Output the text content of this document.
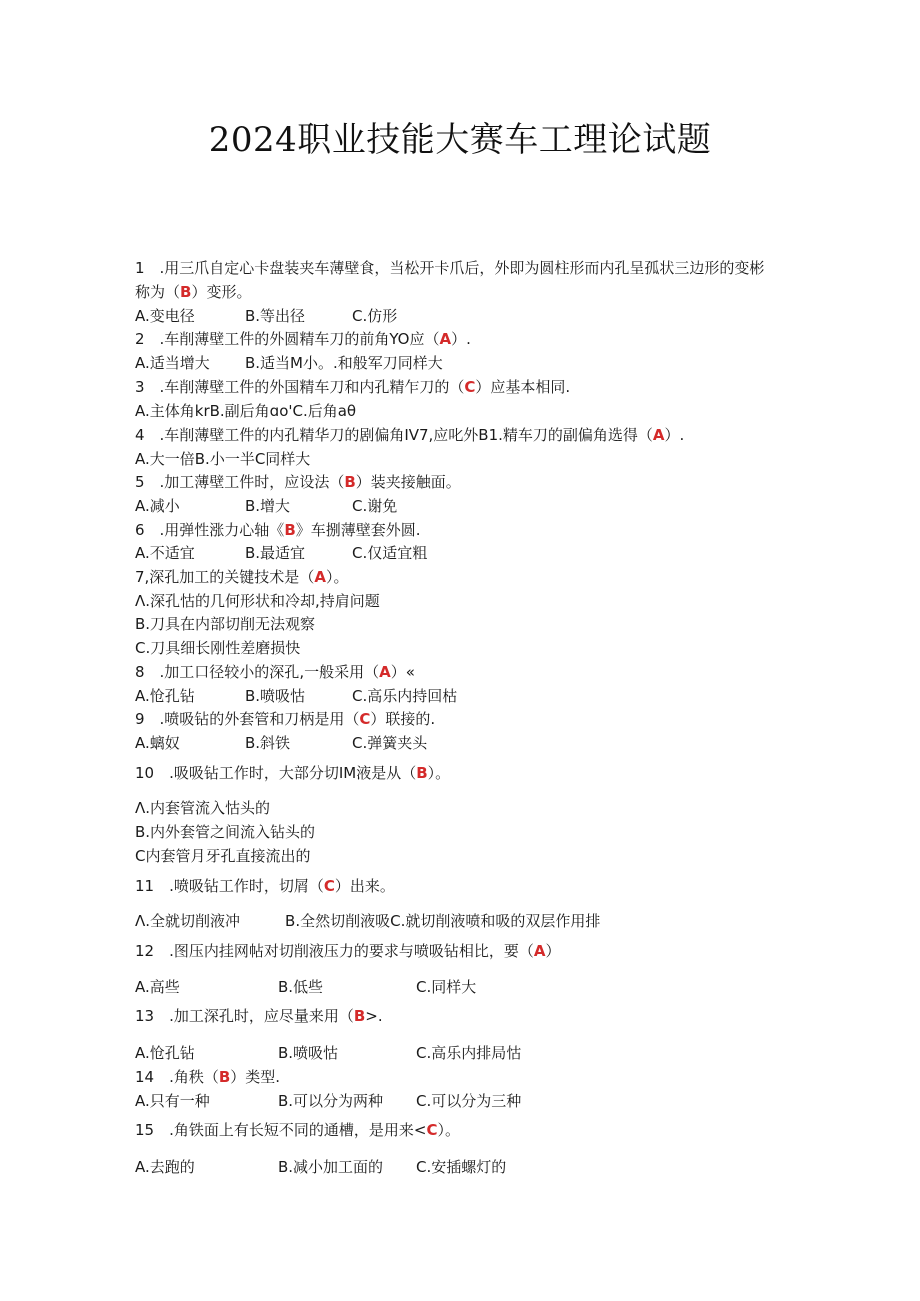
2024职业技能大赛车工理论试题
1　.用三爪自定心卡盘装夹车薄壁食，当松开卡爪后，外即为圆柱形而内孔呈孤状三边形的变彬
称为（B）变形。
A.变电径	B.等出径	C.仿形
2　.车削薄壁工件的外圆精车刀的前角YO应（A）.
A.适当增大 B.适当M小。.和般军刀同样大
3　.车削薄壁工件的外国精车刀和内孔精乍刀的（C）应基本相同.
A.主体角krB.副后角ɑo'C.后角aθ
4　.车削薄壁工件的内孔精华刀的剧偏角IV7,应叱外B1.精车刀的副偏角选得（A）.
A.大一倍B.小一半C同样大
5　.加工薄壁工件时，应设法（B）装夹接触面。
A.减小	B.增大	C.谢免
6　.用弹性涨力心轴《B》车捌薄壁套外圆.
A.不适宜	B.最适宜	C.仅适宜粗
7,深孔加工的关键技术是（A）。
Λ.深孔怙的几何形状和冷却,持肩问题
B.刀具在内部切削无法观察
C.刀具细长刚性差磨损快
8　.加工口径较小的深孔,一般采用（A）«
A.怆孔钻	B.喷吸怙	C.高乐内持回枯
9　.喷吸钻的外套管和刀柄是用（C）联接的.
A.螭奴	B.斜铁	C.弹簧夹头
10　.吸吸钻工作时，大部分切IM液是从（B）。
Λ.内套管流入怙头的
B.内外套管之间流入钻头的
C内套管月牙孔直接流出的
11　.喷吸钻工作时，切屑（C）出来。
Λ.全就切削液冲　　　B.全然切削液吸C.就切削液喷和吸的双层作用排
12　.图压内挂网帖对切削液压力的要求与喷吸钻相比，要（A）
A.高些	B.低些	C.同样大
13　.加工深孔时，应尽量来用（B>.
A.怆孔钻	B.喷吸怙	C.高乐内排局怙
14　.角秩（B）类型.
A.只有一种	B.可以分为两种 C.可以分为三种
15　.角铁面上有长短不同的通槽，是用来<C）。
A.去跑的	B.减小加工面的 C.安插螺灯的
